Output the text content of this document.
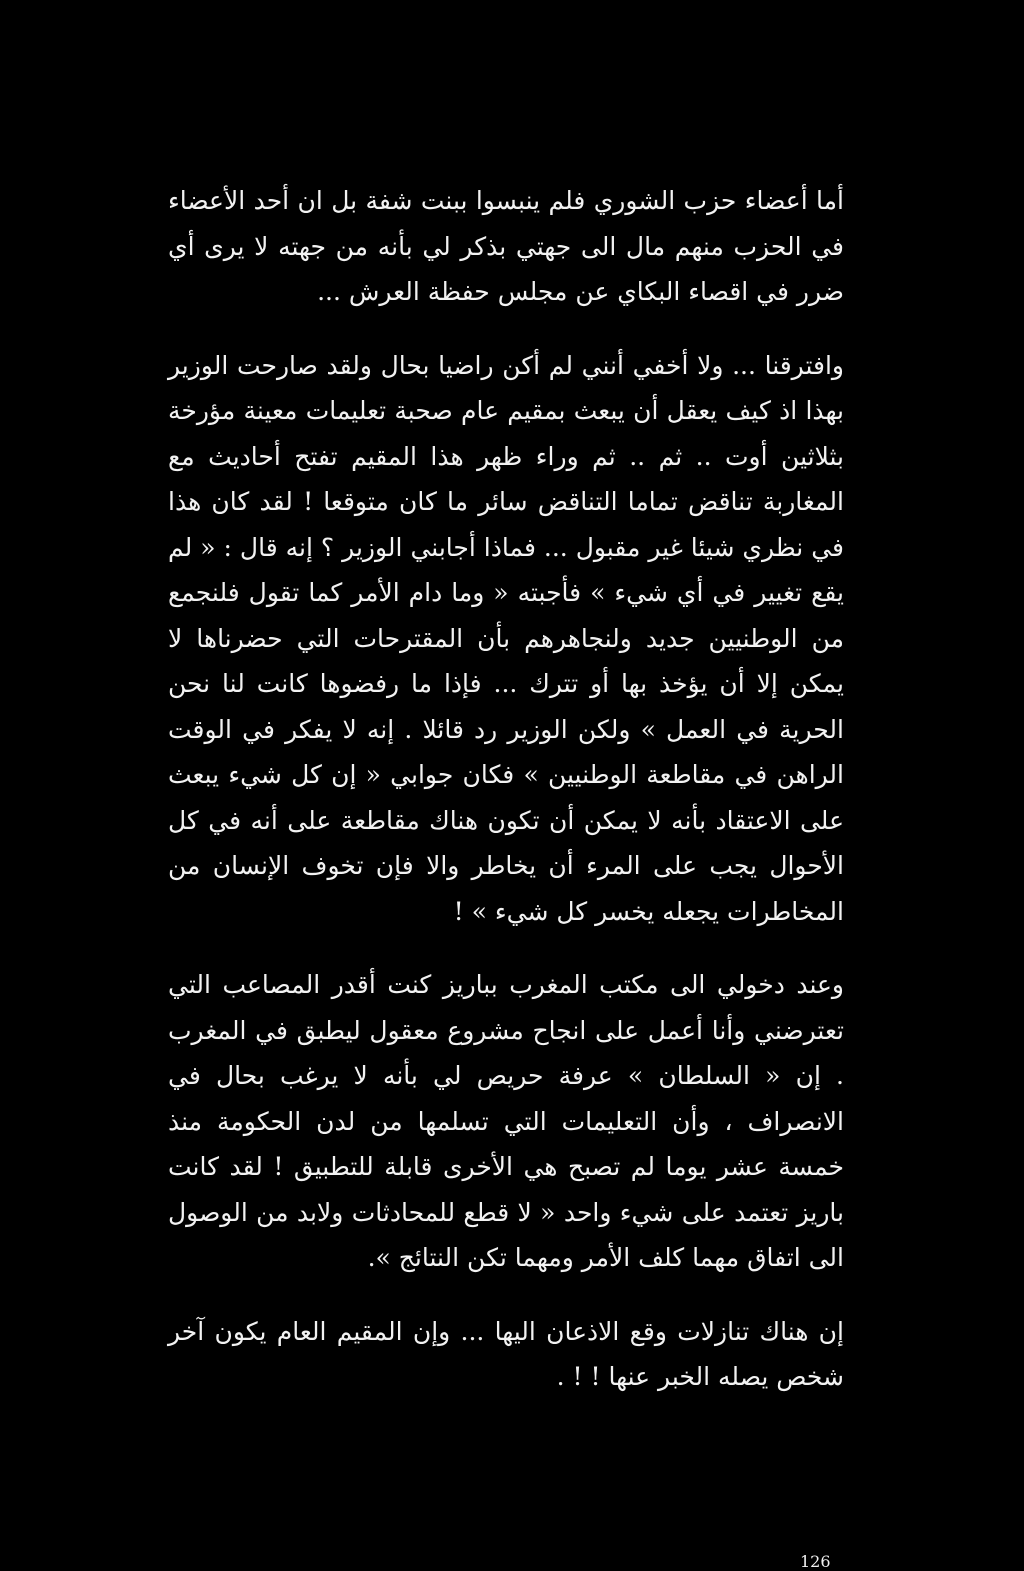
أما أعضاء حزب الشوري فلم ينبسوا ببنت شفة بل ان أحد الأعضاء في الحزب منهم مال الى جهتي بذكر لي بأنه من جهته لا يرى أي ضرر في اقصاء البكاي عن مجلس حفظة العرش ...

وافترقنا ... ولا أخفي أنني لم أكن راضيا بحال ولقد صارحت الوزير بهذا اذ كيف يعقل أن يبعث بمقيم عام صحبة تعليمات معينة مؤرخة بثلاثين أوت .. ثم .. ثم وراء ظهر هذا المقيم تفتح أحاديث مع المغاربة تناقض تماما التناقض سائر ما كان متوقعا ! لقد كان هذا في نظري شيئا غير مقبول ... فماذا أجابني الوزير ؟ إنه قال : « لم يقع تغيير في أي شيء » فأجبته « وما دام الأمر كما تقول فلنجمع من الوطنيين جديد ولنجاهرهم بأن المقترحات التي حضرناها لا يمكن إلا أن يؤخذ بها أو تترك ... فإذا ما رفضوها كانت لنا نحن الحرية في العمل » ولكن الوزير رد قائلا . إنه لا يفكر في الوقت الراهن في مقاطعة الوطنيين » فكان جوابي « إن كل شيء يبعث على الاعتقاد بأنه لا يمكن أن تكون هناك مقاطعة على أنه في كل الأحوال يجب على المرء أن يخاطر والا فإن تخوف الإنسان من المخاطرات يجعله يخسر كل شيء » !

وعند دخولي الى مكتب المغرب بباريز كنت أقدر المصاعب التي تعترضني وأنا أعمل على انجاح مشروع معقول ليطبق في المغرب . إن « السلطان » عرفة حريص لي بأنه لا يرغب بحال في الانصراف ، وأن التعليمات التي تسلمها من لدن الحكومة منذ خمسة عشر يوما لم تصبح هي الأخرى قابلة للتطبيق ! لقد كانت باريز تعتمد على شيء واحد « لا قطع للمحادثات ولابد من الوصول الى اتفاق مهما كلف الأمر ومهما تكن النتائج ».

إن هناك تنازلات وقع الاذعان اليها ... وإن المقيم العام يكون آخر شخص يصله الخبر عنها ! ! .

126
